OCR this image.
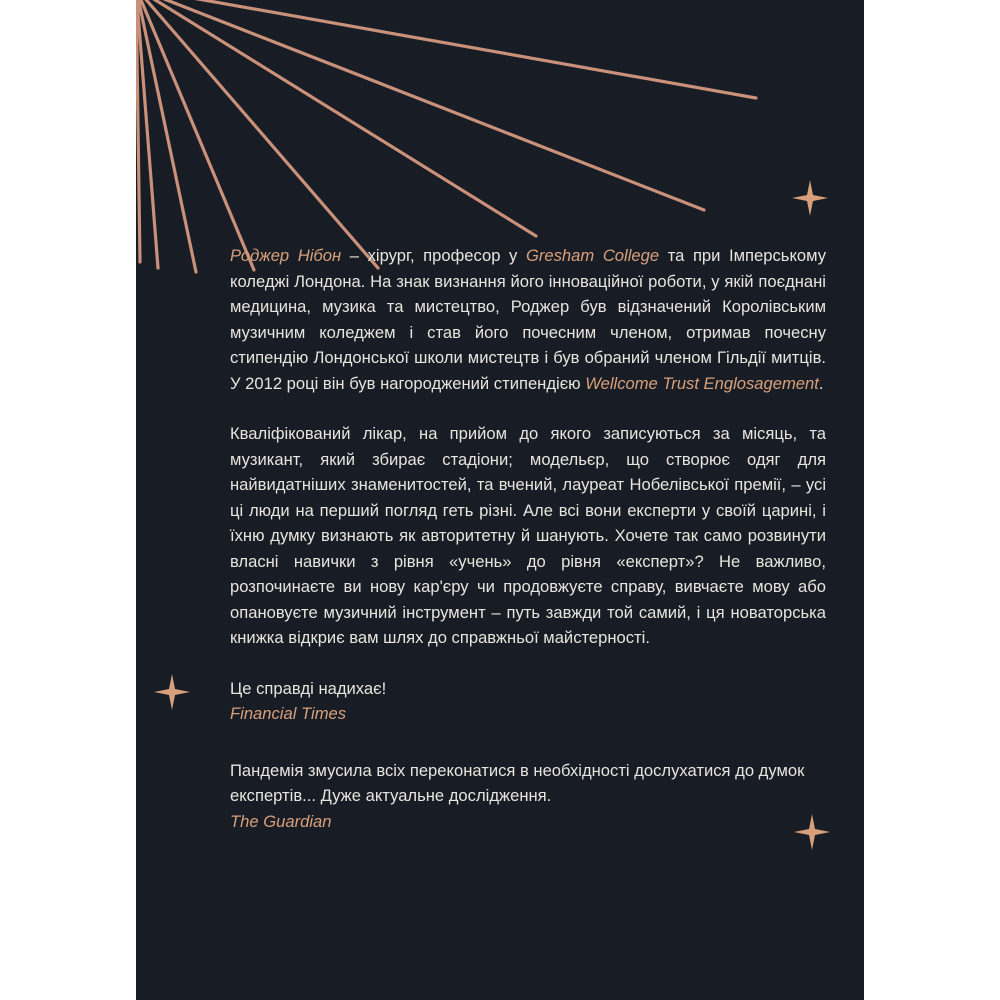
Роджер Нібон – хірург, професор у Gresham College та при Імперському коледжі Лондона. На знак визнання його інноваційної роботи, у якій поєднані медицина, музика та мистецтво, Роджер був відзначений Королівським музичним коледжем і став його почесним членом, отримав почесну стипендію Лондонської школи мистецтв і був обраний членом Гільдії митців. У 2012 році він був нагороджений стипендією Wellcome Trust Englosagement.

Кваліфікований лікар, на прийом до якого записуються за місяць, та музикант, який збирає стадіони; модельєр, що створює одяг для найвидатніших знаменитостей, та вчений, лауреат Нобелівської премії, – усі ці люди на перший погляд геть різні. Але всі вони експерти у своїй царині, і їхню думку визнають як авторитетну й шанують. Хочете так само розвинути власні навички з рівня «учень» до рівня «експерт»? Не важливо, розпочинаєте ви нову кар'єру чи продовжуєте справу, вивчаєте мову або опановуєте музичний інструмент – путь завжди той самий, і ця новаторська книжка відкриє вам шлях до справжньої майстерності.

Це справді надихає!
Financial Times
Пандемія змусила всіх переконатися в необхідності дослухатися до думок експертів... Дуже актуальне дослідження.
The Guardian
